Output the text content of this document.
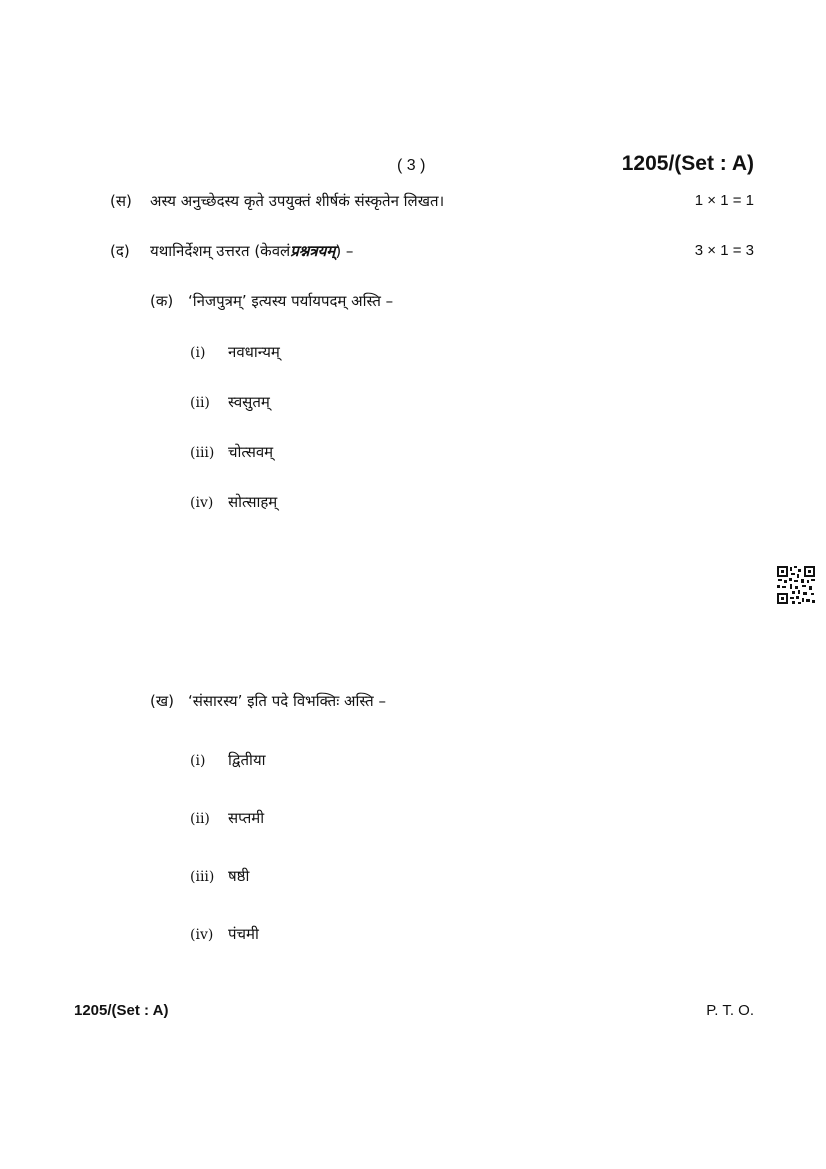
( 3 )	1205/(Set : A)
(स)	अस्य अनुच्छेदस्य कृते उपयुक्तं शीर्षकं संस्कृतेन लिखत।	1 × 1 = 1
(द)	यथानिर्देशम् उत्तरत (केवलं प्रश्नत्रयम् ) –	3 × 1 = 3
(क) ‘निजपुत्रम्’ इत्यस्य पर्यायपदम् अस्ति –
(i)	नवधान्यम्
(ii)	स्वसुतम्
(iii) चोत्सवम्
(iv) सोत्साहम्
(ख) ‘संसारस्य’ इति पदे विभक्तिः अस्ति –
(i)	द्वितीया
(ii)	सप्तमी
(iii) षष्ठी
(iv) पंचमी
1205/(Set : A)	P. T. O.
